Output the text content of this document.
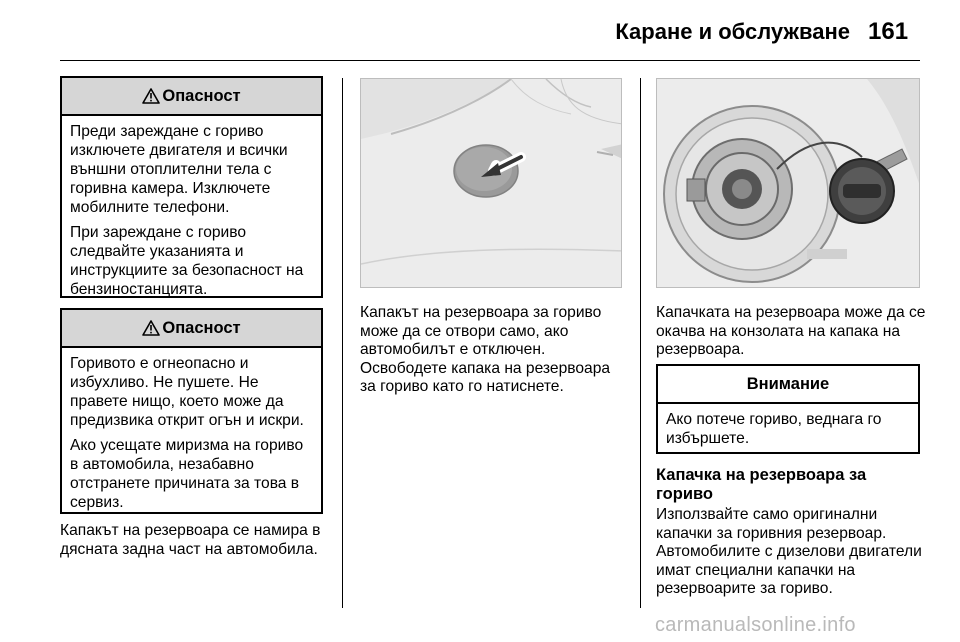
Каране и обслужване 161
Опасност

Преди зареждане с гориво изключете двигателя и всички външни отоплителни тела с горивна камера. Изключете мобилните телефони.

При зареждане с гориво следвайте указанията и инструкциите за безопасност на бензиностанцията.

Опасност

Горивото е огнеопасно и избухливо. Не пушете. Не правете нищо, което може да предизвика открит огън и искри.

Ако усещате миризма на гориво в автомобила, незабавно отстранете причината за това в сервиз.

Капакът на резервоара се намира в дясната задна част на автомобила.

Капакът на резервоара за гориво може да се отвори само, ако автомобилът е отключен.

Освободете капака на резервоара за гориво като го натиснете.

Капачката на резервоара може да се окачва на конзолата на капака на резервоара.
Внимание

Ако потече гориво, веднага го избършете.

Капачка на резервоара за гориво
Използвайте само оригинални капачки за горивния резервоар. Автомобилите с дизелови двигатели имат специални капачки на резервоарите за гориво.
carmanualsonline.info
